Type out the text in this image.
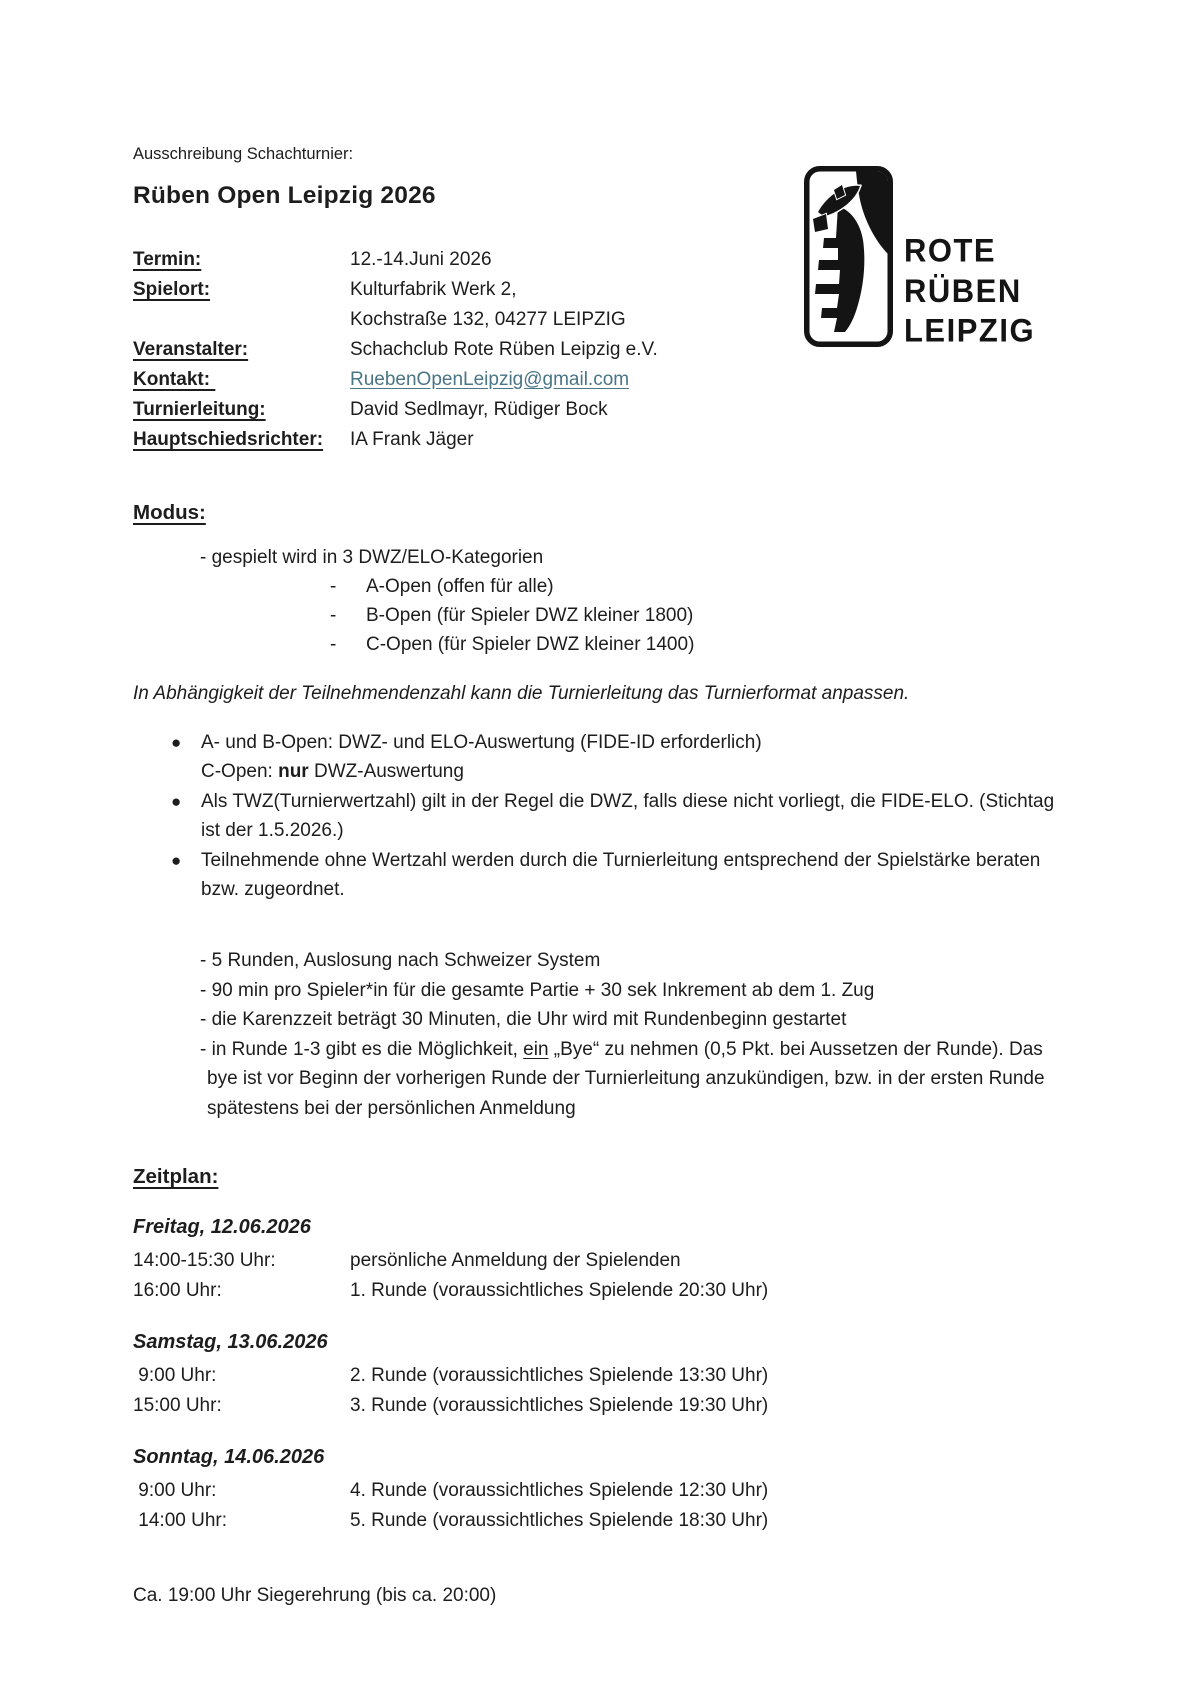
Ausschreibung Schachturnier:
Rüben Open Leipzig 2026
ROTE
RÜBEN
LEIPZIG
Termin:	12.-14.Juni 2026
Spielort:	Kulturfabrik Werk 2,
Kochstraße 132, 04277 LEIPZIG
Veranstalter:	Schachclub Rote Rüben Leipzig e.V.
Kontakt:	RuebenOpenLeipzig@gmail.com
Turnierleitung:	David Sedlmayr, Rüdiger Bock
Hauptschiedsrichter:	IA Frank Jäger
Modus:
- gespielt wird in 3 DWZ/ELO-Kategorien
-	A-Open (offen für alle)
-	B-Open (für Spieler DWZ kleiner 1800)
-	C-Open (für Spieler DWZ kleiner 1400)
In Abhängigkeit der Teilnehmendenzahl kann die Turnierleitung das Turnierformat anpassen.
●	A- und B-Open: DWZ- und ELO-Auswertung (FIDE-ID erforderlich)
C-Open: nur DWZ-Auswertung
●	Als TWZ(Turnierwertzahl) gilt in der Regel die DWZ, falls diese nicht vorliegt, die FIDE-ELO. (Stichtag ist der 1.5.2026.)
●	Teilnehmende ohne Wertzahl werden durch die Turnierleitung entsprechend der Spielstärke beraten bzw. zugeordnet.
- 5 Runden, Auslosung nach Schweizer System
- 90 min pro Spieler*in für die gesamte Partie + 30 sek Inkrement ab dem 1. Zug
- die Karenzzeit beträgt 30 Minuten, die Uhr wird mit Rundenbeginn gestartet
- in Runde 1-3 gibt es die Möglichkeit, ein „Bye“ zu nehmen (0,5 Pkt. bei Aussetzen der Runde). Das bye ist vor Beginn der vorherigen Runde der Turnierleitung anzukündigen, bzw. in der ersten Runde spätestens bei der persönlichen Anmeldung
Zeitplan:
Freitag, 12.06.2026
14:00-15:30 Uhr:	persönliche Anmeldung der Spielenden
16:00 Uhr:	1. Runde (voraussichtliches Spielende 20:30 Uhr)
Samstag, 13.06.2026
9:00 Uhr:	2. Runde (voraussichtliches Spielende 13:30 Uhr)
15:00 Uhr:	3. Runde (voraussichtliches Spielende 19:30 Uhr)
Sonntag, 14.06.2026
9:00 Uhr:	4. Runde (voraussichtliches Spielende 12:30 Uhr)
14:00 Uhr:	5. Runde (voraussichtliches Spielende 18:30 Uhr)
Ca. 19:00 Uhr Siegerehrung (bis ca. 20:00)
